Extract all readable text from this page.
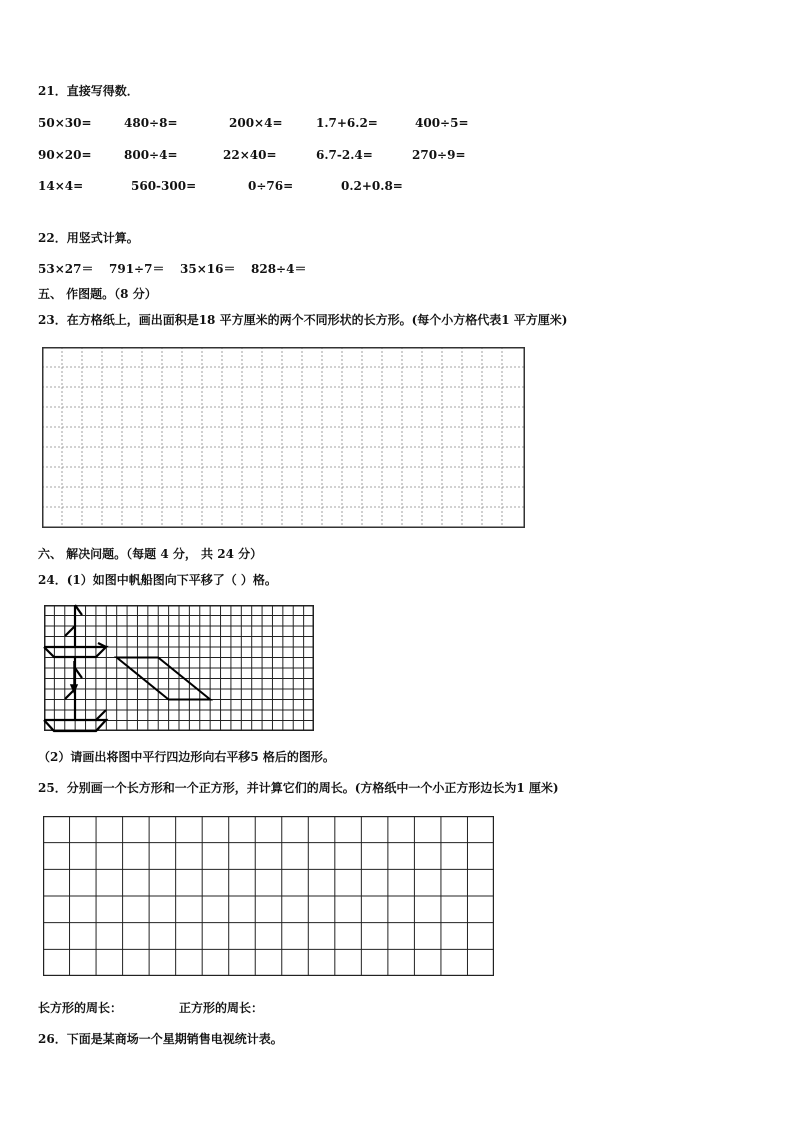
21．直接写得数．
50×30=	480÷8=	200×4=	1.7+6.2=	400÷5=
90×20=	800÷4=	22×40=	6.7-2.4=	270÷9=
14×4=	560-300=	0÷76=	0.2+0.8=
22．用竖式计算。
53×27＝ 791÷7＝ 35×16＝ 828÷4＝
五、 作图题。（8 分）
23．在方格纸上，画出面积是18 平方厘米的两个不同形状的长方形。(每个小方格代表1 平方厘米)
六、 解决问题。（每题 4 分， 共 24 分）
24．(1）如图中帆船图向下平移了（ ）格。
（2）请画出将图中平行四边形向右平移5 格后的图形。
25．分别画一个长方形和一个正方形，并计算它们的周长。(方格纸中一个小正方形边长为1 厘米)
长方形的周长：	正方形的周长：
26．下面是某商场一个星期销售电视统计表。
